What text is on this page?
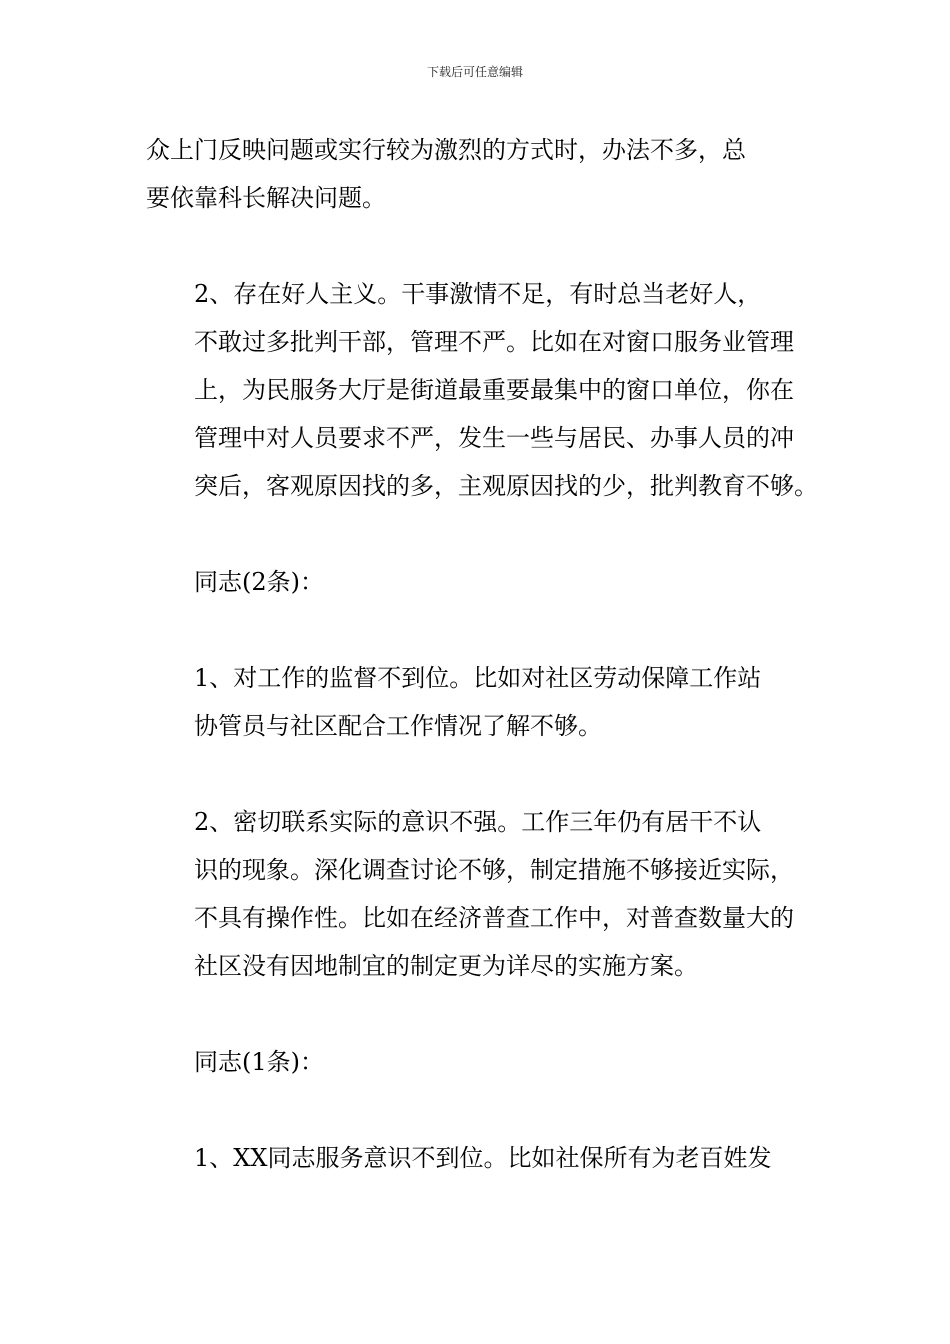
下载后可任意编辑
众上门反映问题或实行较为激烈的方式时，办法不多，总
要依靠科长解决问题。
2、存在好人主义。干事激情不足，有时总当老好人，
不敢过多批判干部，管理不严。比如在对窗口服务业管理
上，为民服务大厅是街道最重要最集中的窗口单位，你在
管理中对人员要求不严，发生一些与居民、办事人员的冲
突后，客观原因找的多，主观原因找的少，批判教育不够。
同志(2条)：
1、对工作的监督不到位。比如对社区劳动保障工作站
协管员与社区配合工作情况了解不够。
2、密切联系实际的意识不强。工作三年仍有居干不认
识的现象。深化调查讨论不够，制定措施不够接近实际，
不具有操作性。比如在经济普查工作中，对普查数量大的
社区没有因地制宜的制定更为详尽的实施方案。
同志(1条)：
1、XX同志服务意识不到位。比如社保所有为老百姓发
